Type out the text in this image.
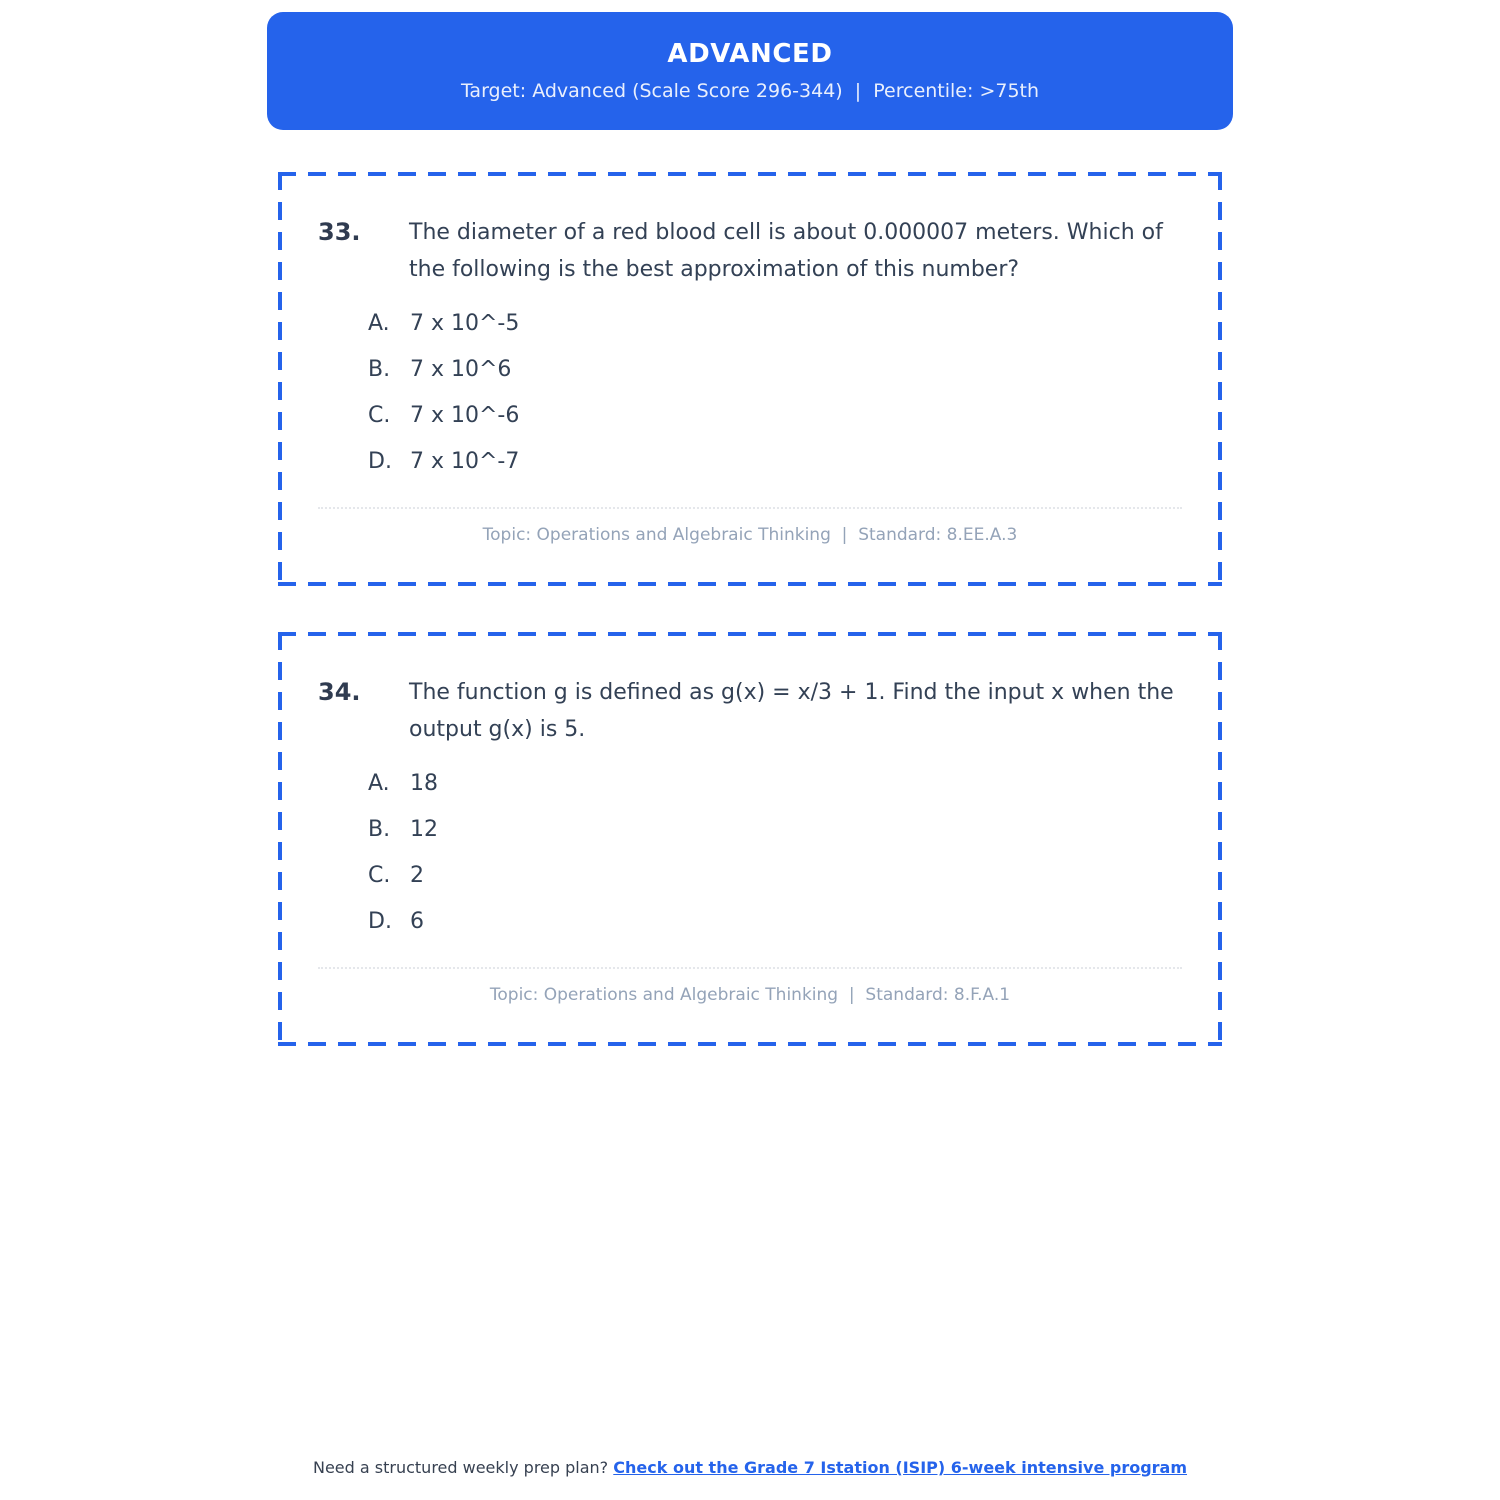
ADVANCED
Target: Advanced (Scale Score 296-344)  |  Percentile: >75th
33.	The diameter of a red blood cell is about 0.000007 meters. Which of the following is the best approximation of this number?

A. 7 x 10^-5
B. 7 x 10^6
C. 7 x 10^-6
D. 7 x 10^-7
Topic: Operations and Algebraic Thinking  |  Standard: 8.EE.A.3
34.	The function g is defined as g(x) = x/3 + 1. Find the input x when the output g(x) is 5.

A. 18
B. 12
C. 2
D. 6
Topic: Operations and Algebraic Thinking  |  Standard: 8.F.A.1
Need a structured weekly prep plan? Check out the Grade 7 Istation (ISIP) 6-week intensive program
